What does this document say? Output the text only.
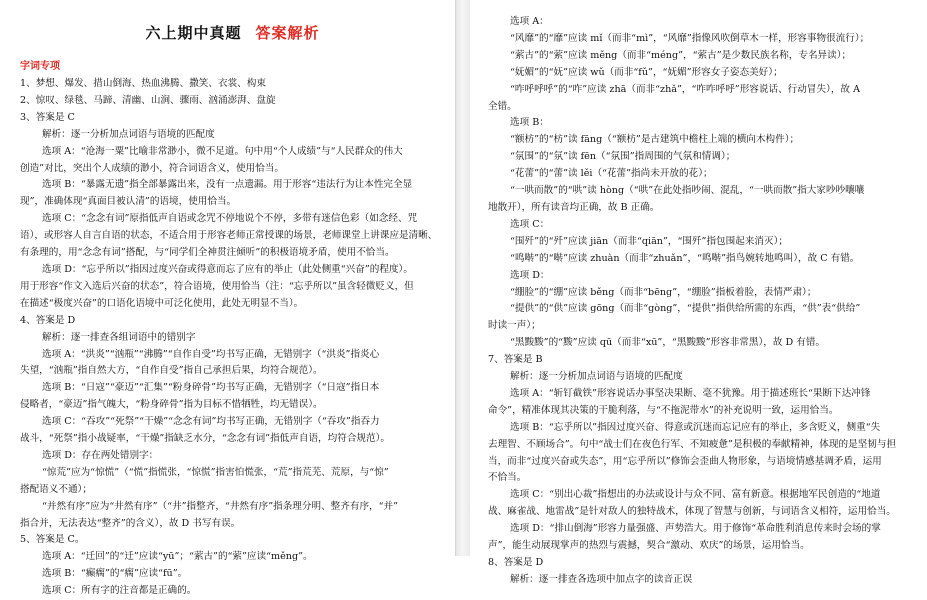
六上期中真题 答案解析
字词专项
1、梦想、爆发、措山倒海、热血沸腾、撒笑、衣裳、构束
2、惊叹、绿毯、马蹄、清幽、山涧、骤雨、汹涌澎湃、盘旋
3、答案是 C
解析：逐一分析加点词语与语境的匹配度
选项 A：“沧海一粟”比喻非常渺小，微不足道。句中用“个人成绩”与“人民群众的伟大
创造”对比，突出个人成绩的渺小，符合词语含义，使用恰当。
选项 B：“暴露无遗”指全部暴露出来，没有一点遗漏。用于形容“违法行为让本性完全显
现”，准确体现“真面目被认清”的语境，使用恰当。
选项 C：“念念有词”原指低声自语或念咒不停地说个不停，多带有迷信色彩（如念经、咒
语），或形容人自言自语的状态，不适合用于形容老师正常授课的场景，老师课堂上讲课应是清晰、
有条理的，用“念念有词”搭配，与“同学们全神贯注倾听”的积极语境矛盾，使用不恰当。
选项 D：“忘乎所以”指因过度兴奋或得意而忘了应有的举止（此处侧重“兴奋”的程度）。
用于形容“作文入选后兴奋的状态”，符合语境，使用恰当（注：“忘乎所以”虽含轻微贬义，但
在描述“极度兴奋”的口语化语境中可泛化使用，此处无明显不当）。
4、答案是 D
解析：逐一排查各组词语中的错别字
选项 A：“洪炎”“汹瓶”“沸腾”“自作自受”均书写正确，无错别字（“洪炎”指炎心
失望，“汹瓶”指自然大方，“自作自受”指自己承担后果，均符合规范）。
选项 B：“日寇”“豪迈”“汇集”“粉身碎骨”均书写正确，无错别字（“日寇”指日本
侵略者，“豪迈”指气魄大，“粉身碎骨”指为目标不惜牺牲，均无错误）。
选项 C：“吞攻”“死祭”“干燥”“念念有词”均书写正确，无错别字（“吞攻”指吞力
战斗，“死祭”指小战疑率，“干燥”指缺乏水分，“念念有词”指低声自语，均符合规范）。
选项 D：存在两处错别字：
“惊荒”应为“惊慌”（“慌”指慌张，“惊慌”指害怕慌张，“荒”指荒芜、荒原，与“惊”
搭配语义不通）；
“并然有序”应为“井然有序”（“井”指整齐，“井然有序”指条理分明、整齐有序，“并”
指合并，无法表达“整齐”的含义），故 D 书写有误。
5、答案是 C。
选项 A：“迁回”的“迁”应读“yū”；“萦古”的“萦”应读“měng”。
选项 B：“癫瘸”的“瘸”应读“fū”。
选项 C：所有字的注音都是正确的。
选项 A：
“风靡”的“靡”应读 mǐ（而非“mì”，“风靡”指像风吹倒草木一样，形容事物很流行）；
“萦古”的“萦”应读 měng（而非“méng”，“萦古”是少数民族名称，专名异读）；
“妩媚”的“妩”应读 wǔ（而非“fǔ”，“妩媚”形容女子姿态美好）；
“咋呼呼呼”的“咋”应读 zhā（而非“zhǎ”，“咋咋呼呼”形容说话、行动冒失），故 A
全错。
选项 B：
“额枋”的“枋”读 fāng（“额枋”是古建筑中檐柱上端的横向木构件）；
“氛围”的“氛”读 fēn（“氛围”指周围的气氛和情调）；
“花蕾”的“蕾”读 lěi（“花蕾”指尚未开放的花）；
“一哄而散”的“哄”读 hòng（“哄”在此处指吵闹、混乱，“一哄而散”指大家吵吵嚷嚷
地散开），所有读音均正确，故 B 正确。
选项 C：
“围歼”的“歼”应读 jiān（而非“qiān”，“围歼”指包围起来消灭）；
“鸣啭”的“啭”应读 zhuàn（而非“zhuǎn”，“鸣啭”指鸟婉转地鸣叫），故 C 有错。
选项 D：
“绷脸”的“绷”应读 běng（而非“bēng”，“绷脸”指板着脸，表情严肃）；
“提供”的“供”应读 gōng（而非“gòng”，“提供”指供给所需的东西，“供”表“供给”
时读一声）；
“黑黢黢”的“黢”应读 qū（而非“xū”，“黑黢黢”形容非常黑），故 D 有错。
7、答案是 B
解析：逐一分析加点词语与语境的匹配度
选项 A：“斩钉截铁”形容说话办事坚决果断、毫不犹豫。用于描述班长“果断下达冲锋
命令”，精准体现其决策的干脆利落，与“不拖泥带水”的补充说明一致，运用恰当。
选项 B：“忘乎所以”指因过度兴奋、得意或沉迷而忘记应有的举止，多含贬义，侧重“失
去理智、不顾场合”。句中“战士们在夜色行军、不知疲惫”是积极的奉献精神，体现的是坚韧与担
当，而非“过度兴奋或失态”，用“忘乎所以”修饰会歪曲人物形象，与语境情感基调矛盾，运用
不恰当。
选项 C：“别出心裁”指想出的办法或设计与众不同、富有新意。根据地军民创造的“地道
战、麻雀战、地雷战”是针对敌人的独特战术，体现了智慧与创新，与词语含义相符，运用恰当。
选项 D：“排山倒海”形容力量强盛、声势浩大。用于修饰“革命胜利消息传来时会场的掌
声”，能生动展现掌声的热烈与震撼，契合“激动、欢庆”的场景，运用恰当。
8、答案是 D
解析：逐一排查各选项中加点字的读音正误
